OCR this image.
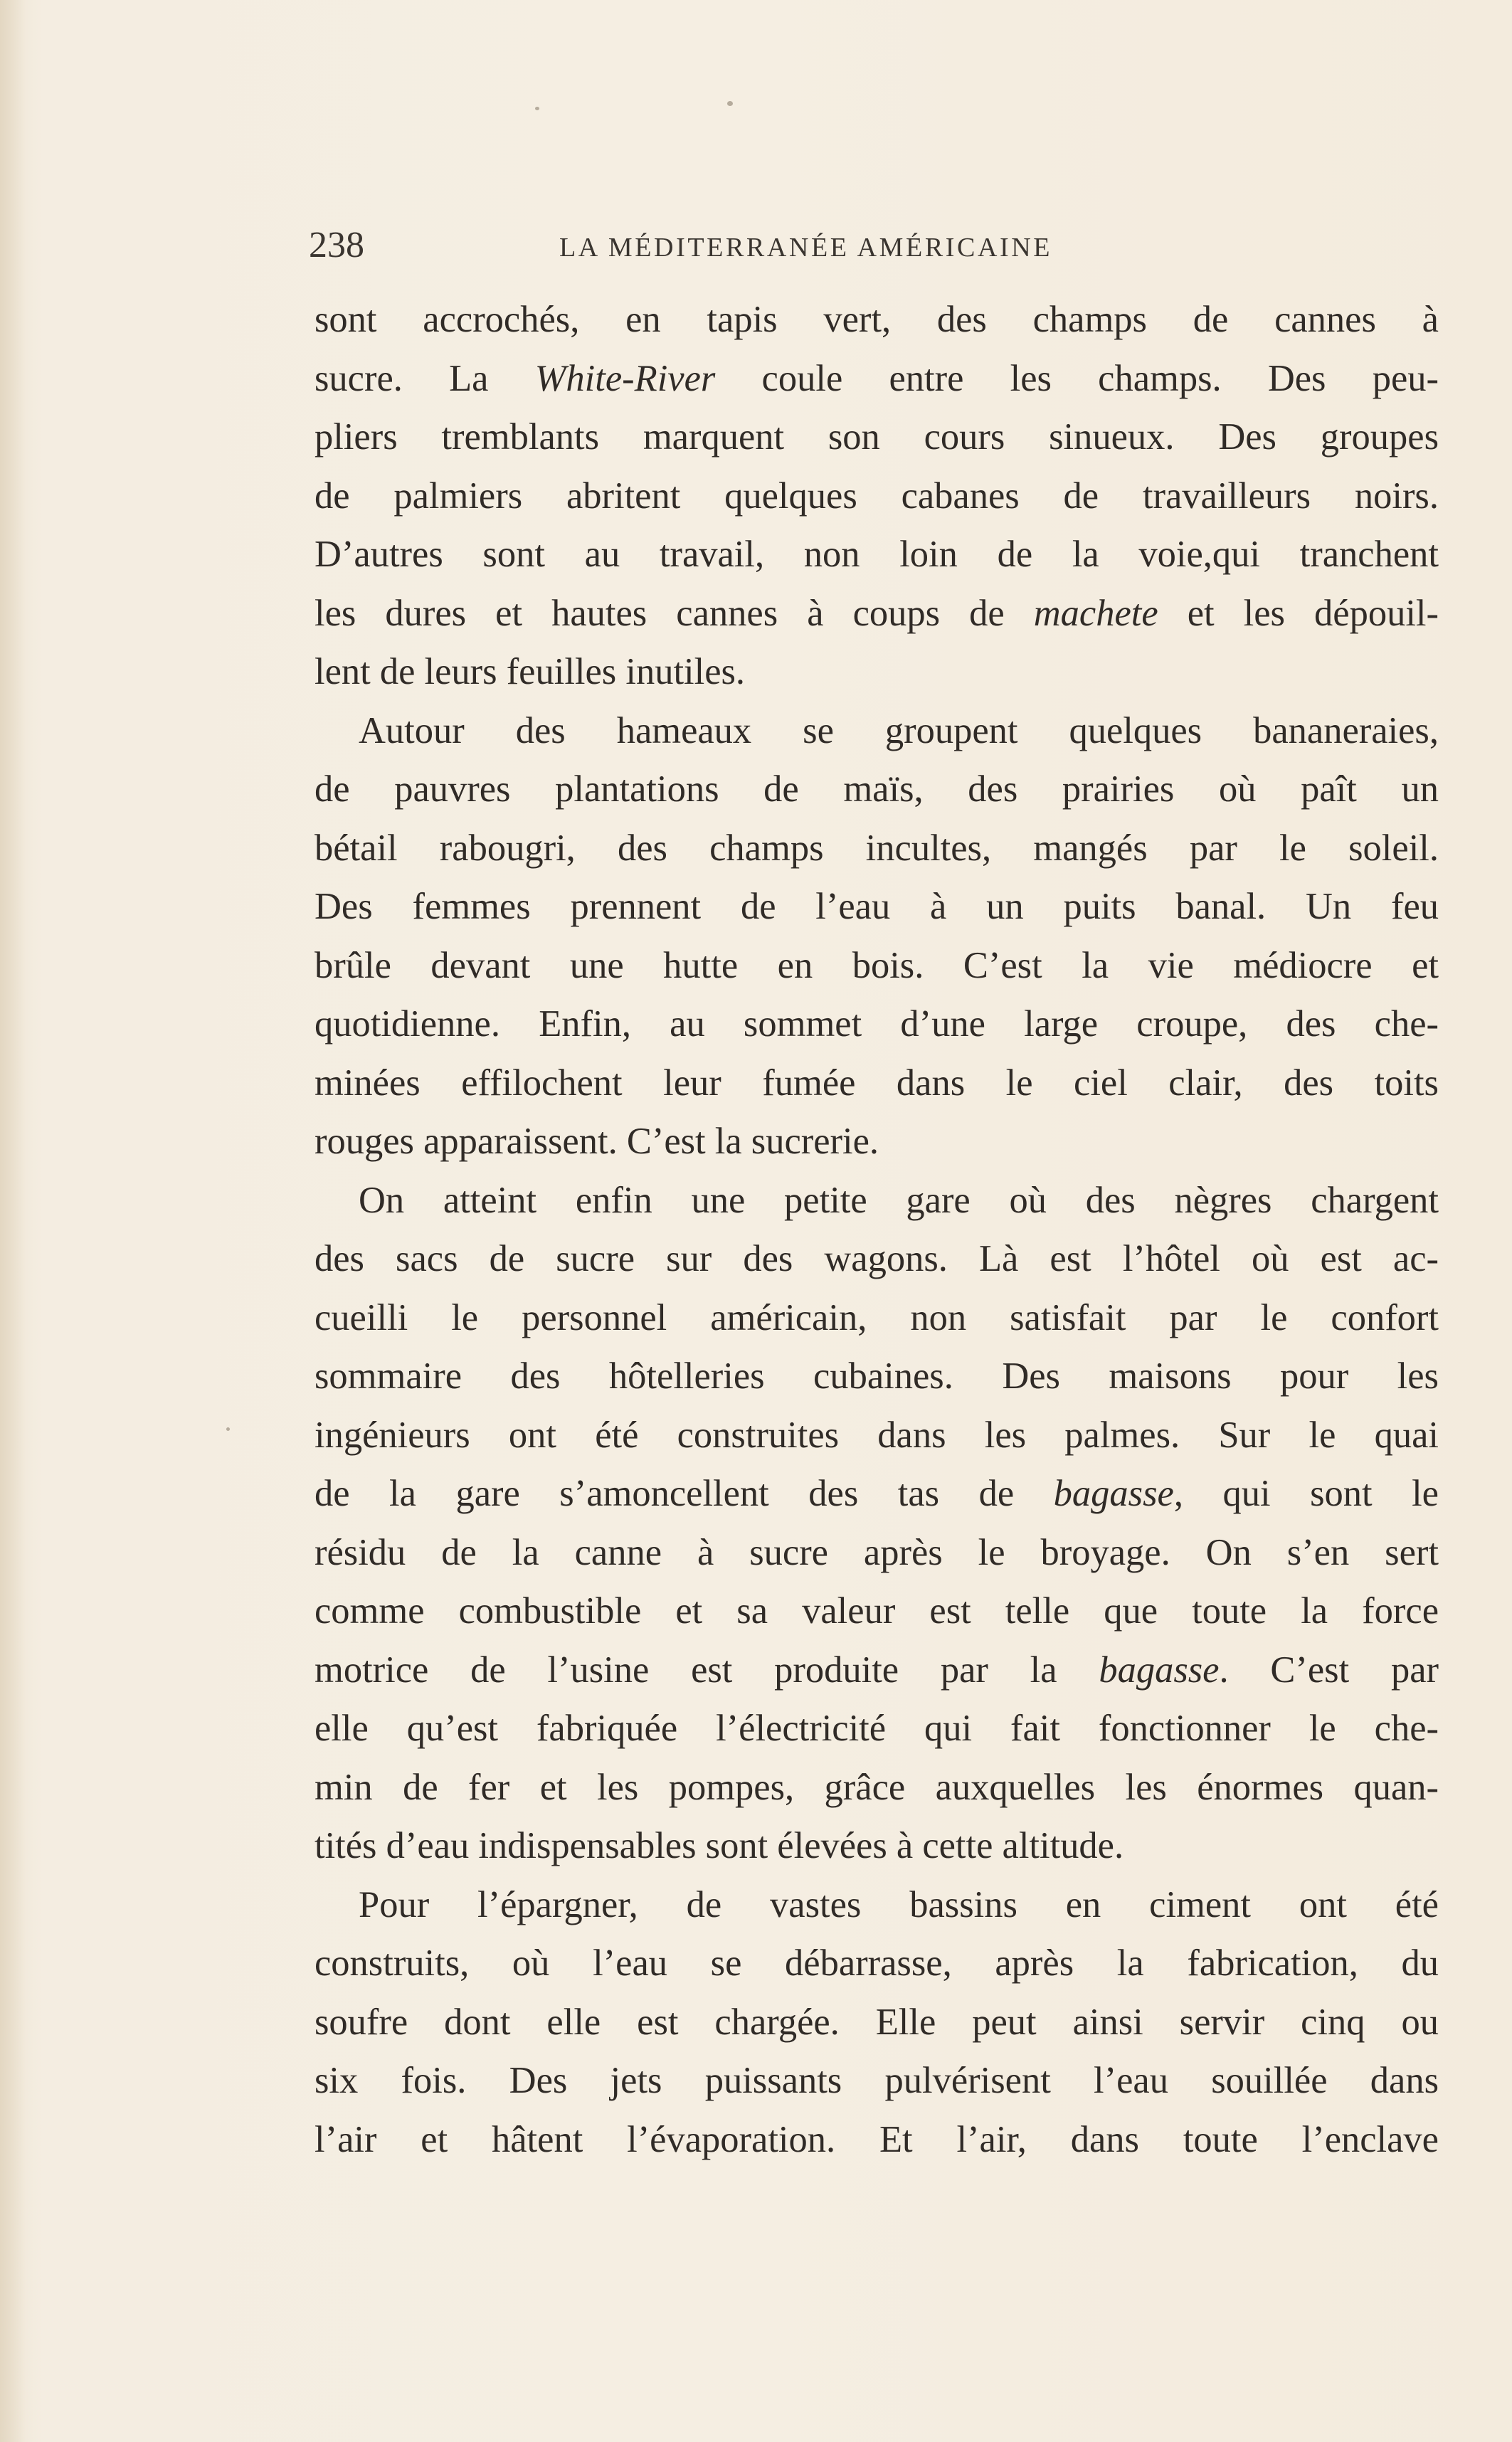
238	LA MÉDITERRANÉE AMÉRICAINE
sont accrochés, en tapis vert, des champs de cannes à
sucre. La White-River coule entre les champs. Des peu-
pliers tremblants marquent son cours sinueux. Des groupes
de palmiers abritent quelques cabanes de travailleurs noirs.
D’autres sont au travail, non loin de la voie,qui tranchent
les dures et hautes cannes à coups de machete et les dépouil-
lent de leurs feuilles inutiles.
Autour des hameaux se groupent quelques bananeraies,
de pauvres plantations de maïs, des prairies où paît un
bétail rabougri, des champs incultes, mangés par le soleil.
Des femmes prennent de l’eau à un puits banal. Un feu
brûle devant une hutte en bois. C’est la vie médiocre et
quotidienne. Enfin, au sommet d’une large croupe, des che-
minées effilochent leur fumée dans le ciel clair, des toits
rouges apparaissent. C’est la sucrerie.
On atteint enfin une petite gare où des nègres chargent
des sacs de sucre sur des wagons. Là est l’hôtel où est ac-
cueilli le personnel américain, non satisfait par le confort
sommaire des hôtelleries cubaines. Des maisons pour les
ingénieurs ont été construites dans les palmes. Sur le quai
de la gare s’amoncellent des tas de bagasse, qui sont le
résidu de la canne à sucre après le broyage. On s’en sert
comme combustible et sa valeur est telle que toute la force
motrice de l’usine est produite par la bagasse. C’est par
elle qu’est fabriquée l’électricité qui fait fonctionner le che-
min de fer et les pompes, grâce auxquelles les énormes quan-
tités d’eau indispensables sont élevées à cette altitude.
Pour l’épargner, de vastes bassins en ciment ont été
construits, où l’eau se débarrasse, après la fabrication, du
soufre dont elle est chargée. Elle peut ainsi servir cinq ou
six fois. Des jets puissants pulvérisent l’eau souillée dans
l’air et hâtent l’évaporation. Et l’air, dans toute l’enclave
